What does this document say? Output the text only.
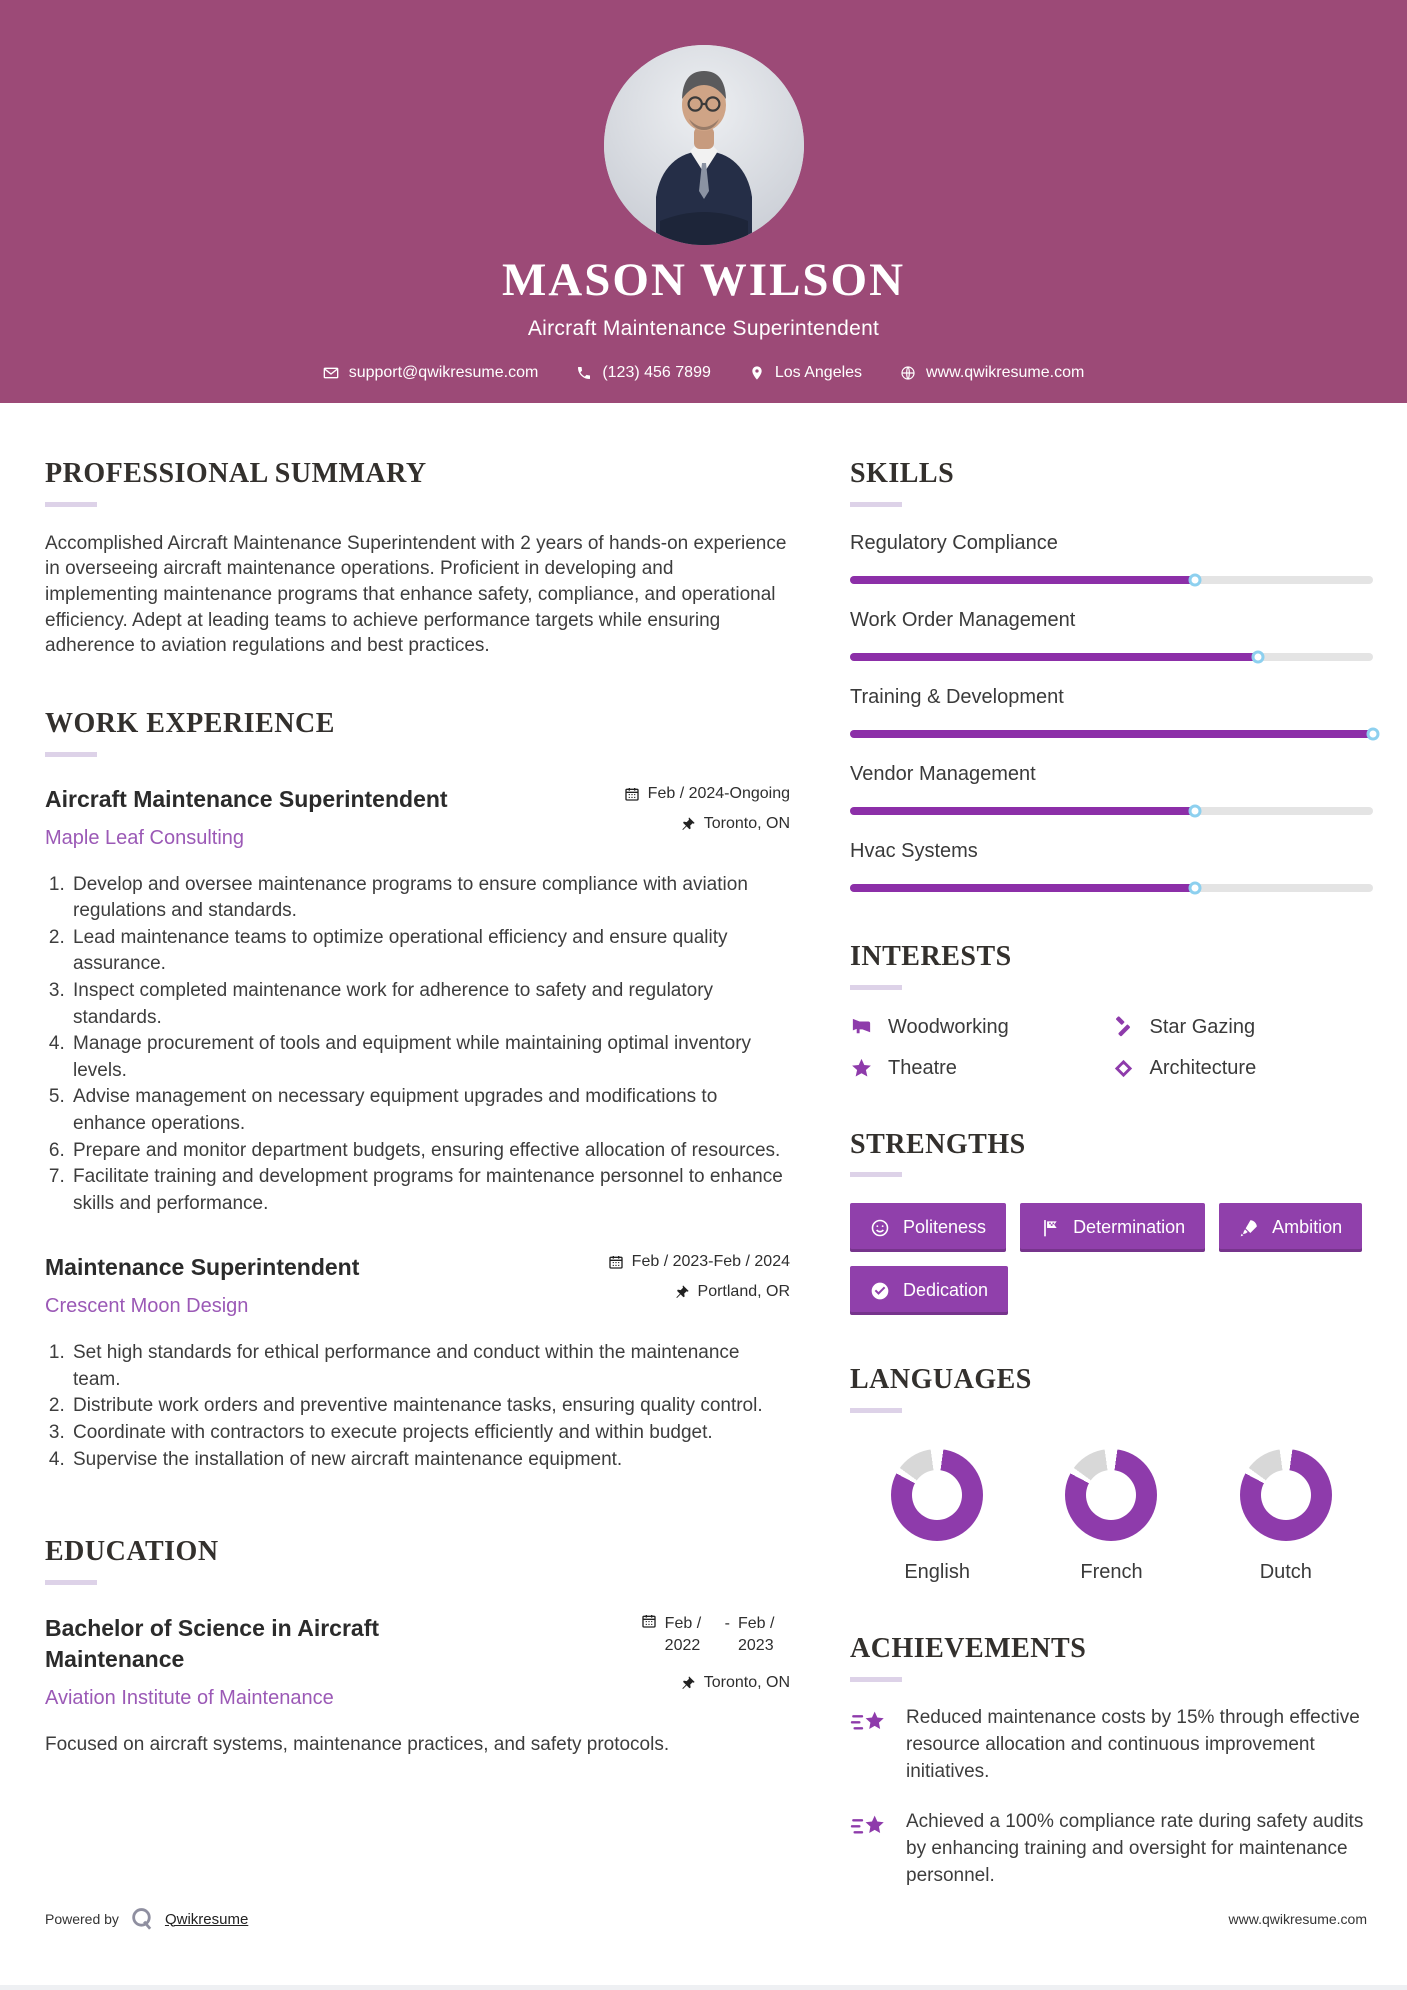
MASON WILSON
Aircraft Maintenance Superintendent
support@qwikresume.com	(123) 456 7899	Los Angeles	www.qwikresume.com
PROFESSIONAL SUMMARY

Accomplished Aircraft Maintenance Superintendent with 2 years of hands-on experience in overseeing aircraft maintenance operations. Proficient in developing and implementing maintenance programs that enhance safety, compliance, and operational efficiency. Adept at leading teams to achieve performance targets while ensuring adherence to aviation regulations and best practices.

WORK EXPERIENCE
Aircraft Maintenance Superintendent
Maple Leaf Consulting
Feb / 2024-Ongoing
Toronto, ON
1. Develop and oversee maintenance programs to ensure compliance with aviation regulations and standards.
2. Lead maintenance teams to optimize operational efficiency and ensure quality assurance.
3. Inspect completed maintenance work for adherence to safety and regulatory standards.
4. Manage procurement of tools and equipment while maintaining optimal inventory levels.
5. Advise management on necessary equipment upgrades and modifications to enhance operations.
6. Prepare and monitor department budgets, ensuring effective allocation of resources.
7. Facilitate training and development programs for maintenance personnel to enhance skills and performance.
Maintenance Superintendent
Crescent Moon Design
Feb / 2023-Feb / 2024
Portland, OR
1. Set high standards for ethical performance and conduct within the maintenance team.
2. Distribute work orders and preventive maintenance tasks, ensuring quality control.
3. Coordinate with contractors to execute projects efficiently and within budget.
4. Supervise the installation of new aircraft maintenance equipment.
EDUCATION
Bachelor of Science in Aircraft Maintenance
Aviation Institute of Maintenance
Feb / 2022
- Feb / 2023
Toronto, ON

Focused on aircraft systems, maintenance practices, and safety protocols.

SKILLS
Regulatory Compliance
Work Order Management
Training & Development
Vendor Management
Hvac Systems
INTERESTS
Woodworking	Star Gazing
Theatre	Architecture
STRENGTHS
Politeness	Determination	Ambition
Dedication
LANGUAGES
English	French	Dutch
ACHIEVEMENTS
Reduced maintenance costs by 15% through effective resource allocation and continuous improvement initiatives.
Achieved a 100% compliance rate during safety audits by enhancing training and oversight for maintenance personnel.
Powered by	Qwikresume	www.qwikresume.com
